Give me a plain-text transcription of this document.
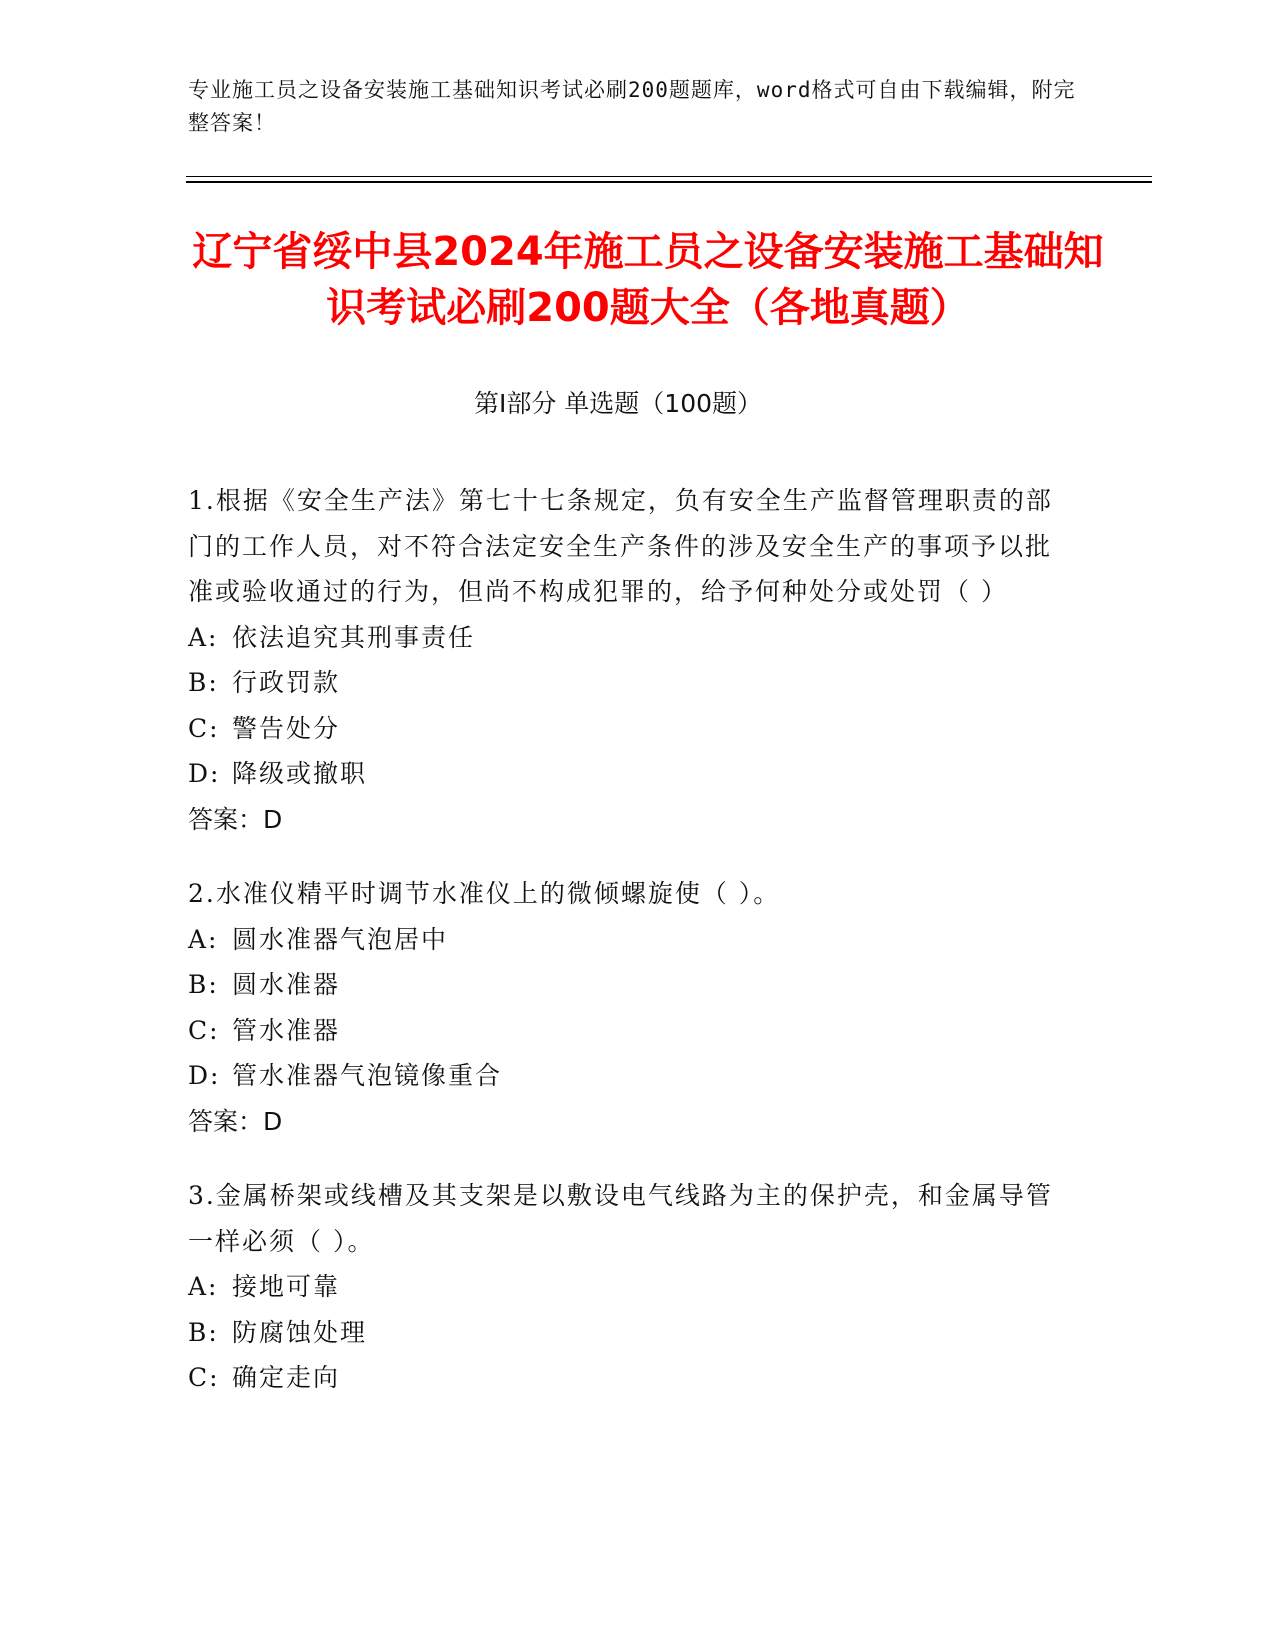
专业施工员之设备安装施工基础知识考试必刷200题题库，word格式可自由下载编辑，附完整答案！
辽宁省绥中县2024年施工员之设备安装施工基础知识考试必刷200题大全（各地真题）
第I部分 单选题（100题）

1.根据《安全生产法》第七十七条规定，负有安全生产监督管理职责的部门的工作人员，对不符合法定安全生产条件的涉及安全生产的事项予以批准或验收通过的行为，但尚不构成犯罪的，给予何种处分或处罚（ ）

A: 依法追究其刑事责任

B: 行政罚款

C: 警告处分

D: 降级或撤职

答案：D

2.水准仪精平时调节水准仪上的微倾螺旋使（ ）。

A: 圆水准器气泡居中

B: 圆水准器

C: 管水准器

D: 管水准器气泡镜像重合

答案：D

3.金属桥架或线槽及其支架是以敷设电气线路为主的保护壳，和金属导管一样必须（ ）。

A: 接地可靠

B: 防腐蚀处理

C: 确定走向
